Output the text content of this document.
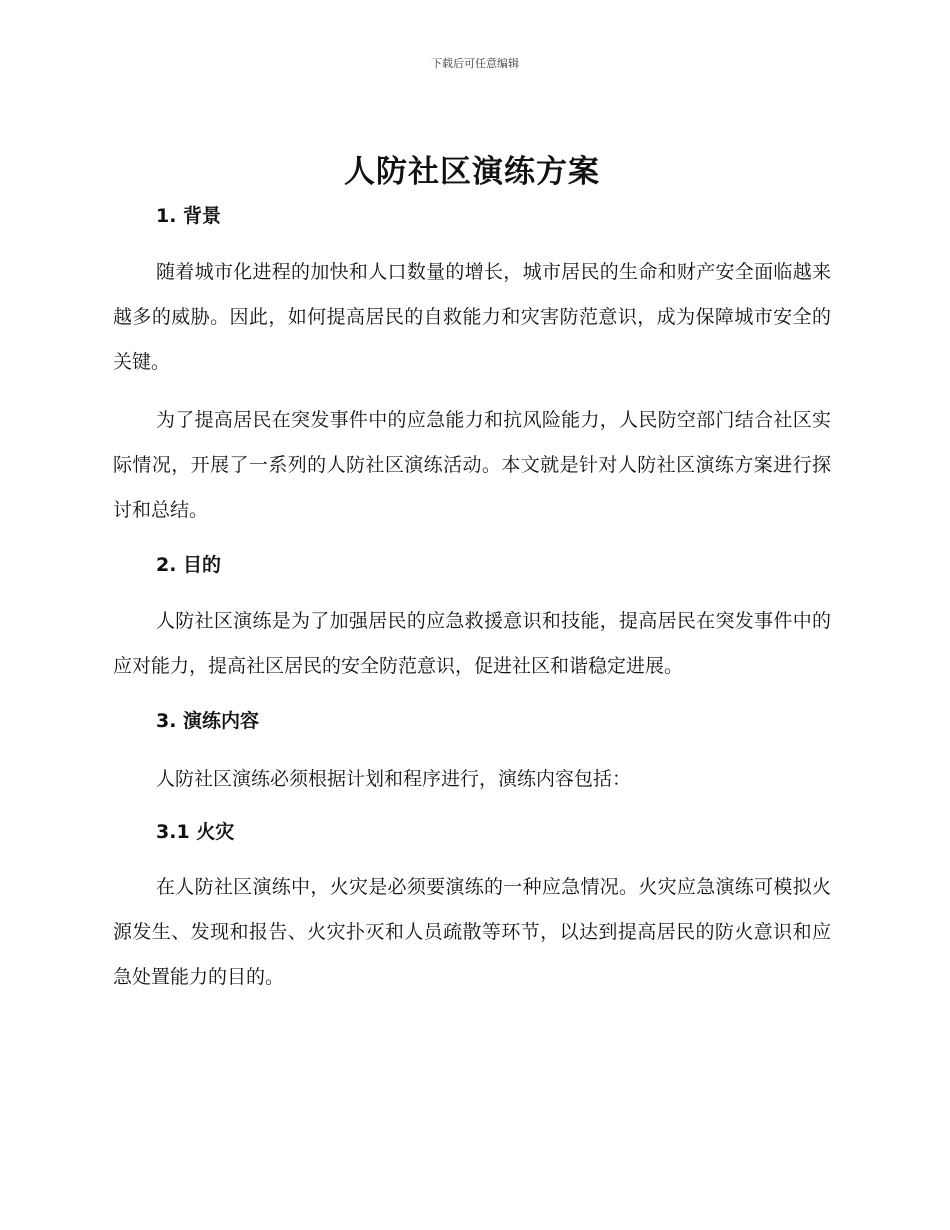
下载后可任意编辑
人防社区演练方案
1. 背景

随着城市化进程的加快和人口数量的增长，城市居民的生命和财产安全面临越来越多的威胁。因此，如何提高居民的自救能力和灾害防范意识，成为保障城市安全的关键。

为了提高居民在突发事件中的应急能力和抗风险能力，人民防空部门结合社区实际情况，开展了一系列的人防社区演练活动。本文就是针对人防社区演练方案进行探讨和总结。

2. 目的

人防社区演练是为了加强居民的应急救援意识和技能，提高居民在突发事件中的应对能力，提高社区居民的安全防范意识，促进社区和谐稳定进展。

3. 演练内容

人防社区演练必须根据计划和程序进行，演练内容包括：

3.1 火灾

在人防社区演练中，火灾是必须要演练的一种应急情况。火灾应急演练可模拟火源发生、发现和报告、火灾扑灭和人员疏散等环节，以达到提高居民的防火意识和应急处置能力的目的。
